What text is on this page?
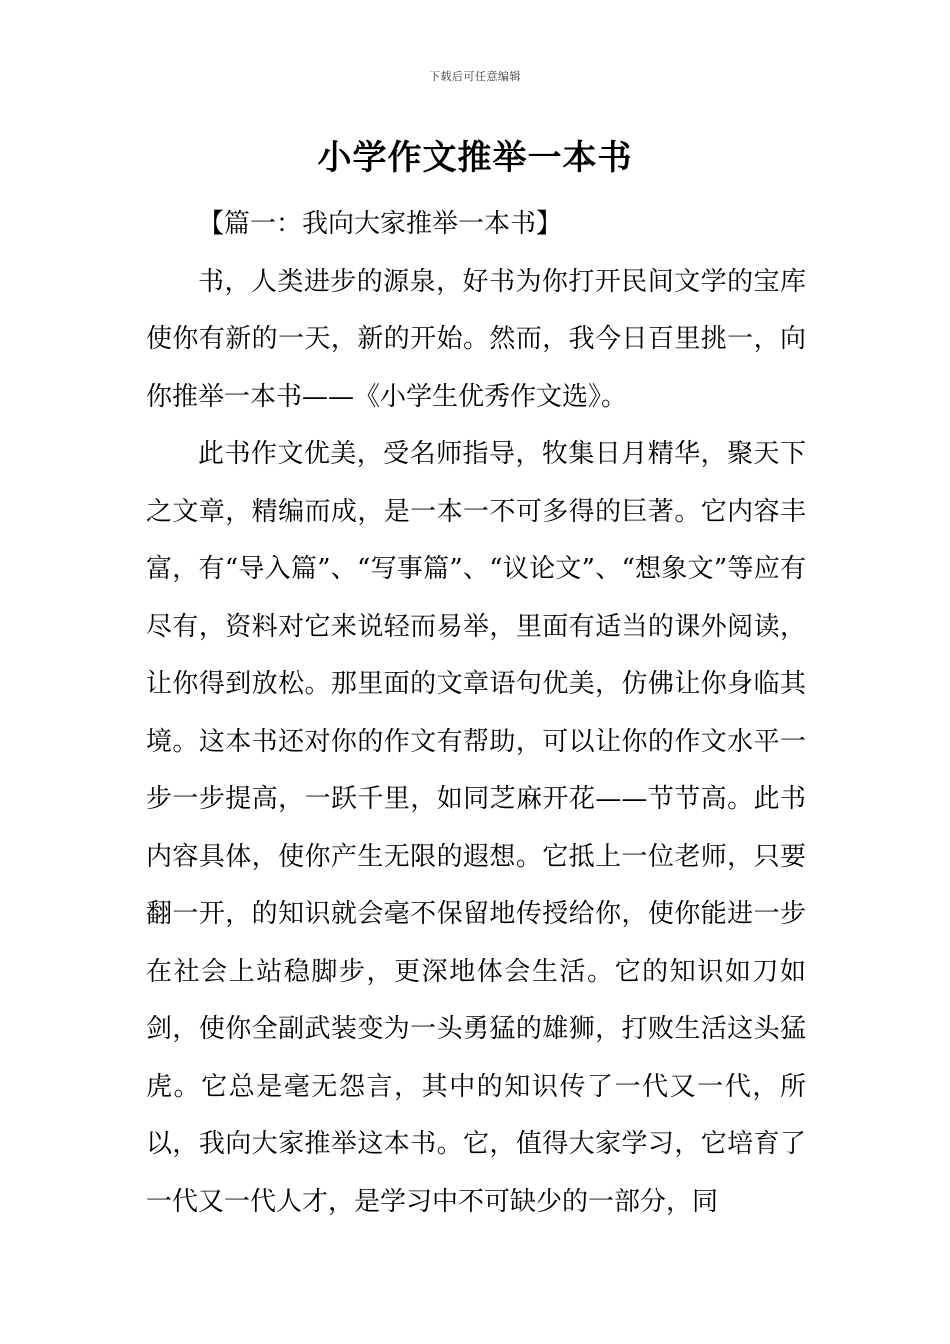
下载后可任意编辑
小学作文推举一本书

【篇一：我向大家推举一本书】

书，人类进步的源泉，好书为你打开民间文学的宝库使你有新的一天，新的开始。然而，我今日百里挑一，向你推举一本书——《小学生优秀作文选》。

此书作文优美，受名师指导，牧集日月精华，聚天下之文章，精编而成，是一本一不可多得的巨著。它内容丰富，有“导入篇”、“写事篇”、“议论文”、“想象文”等应有尽有，资料对它来说轻而易举，里面有适当的课外阅读，让你得到放松。那里面的文章语句优美，仿佛让你身临其境。这本书还对你的作文有帮助，可以让你的作文水平一步一步提高，一跃千里，如同芝麻开花——节节高。此书内容具体，使你产生无限的遐想。它抵上一位老师，只要翻一开，的知识就会毫不保留地传授给你，使你能进一步在社会上站稳脚步，更深地体会生活。它的知识如刀如剑，使你全副武装变为一头勇猛的雄狮，打败生活这头猛虎。它总是毫无怨言，其中的知识传了一代又一代，所以，我向大家推举这本书。它，值得大家学习，它培育了一代又一代人才，是学习中不可缺少的一部分，同
